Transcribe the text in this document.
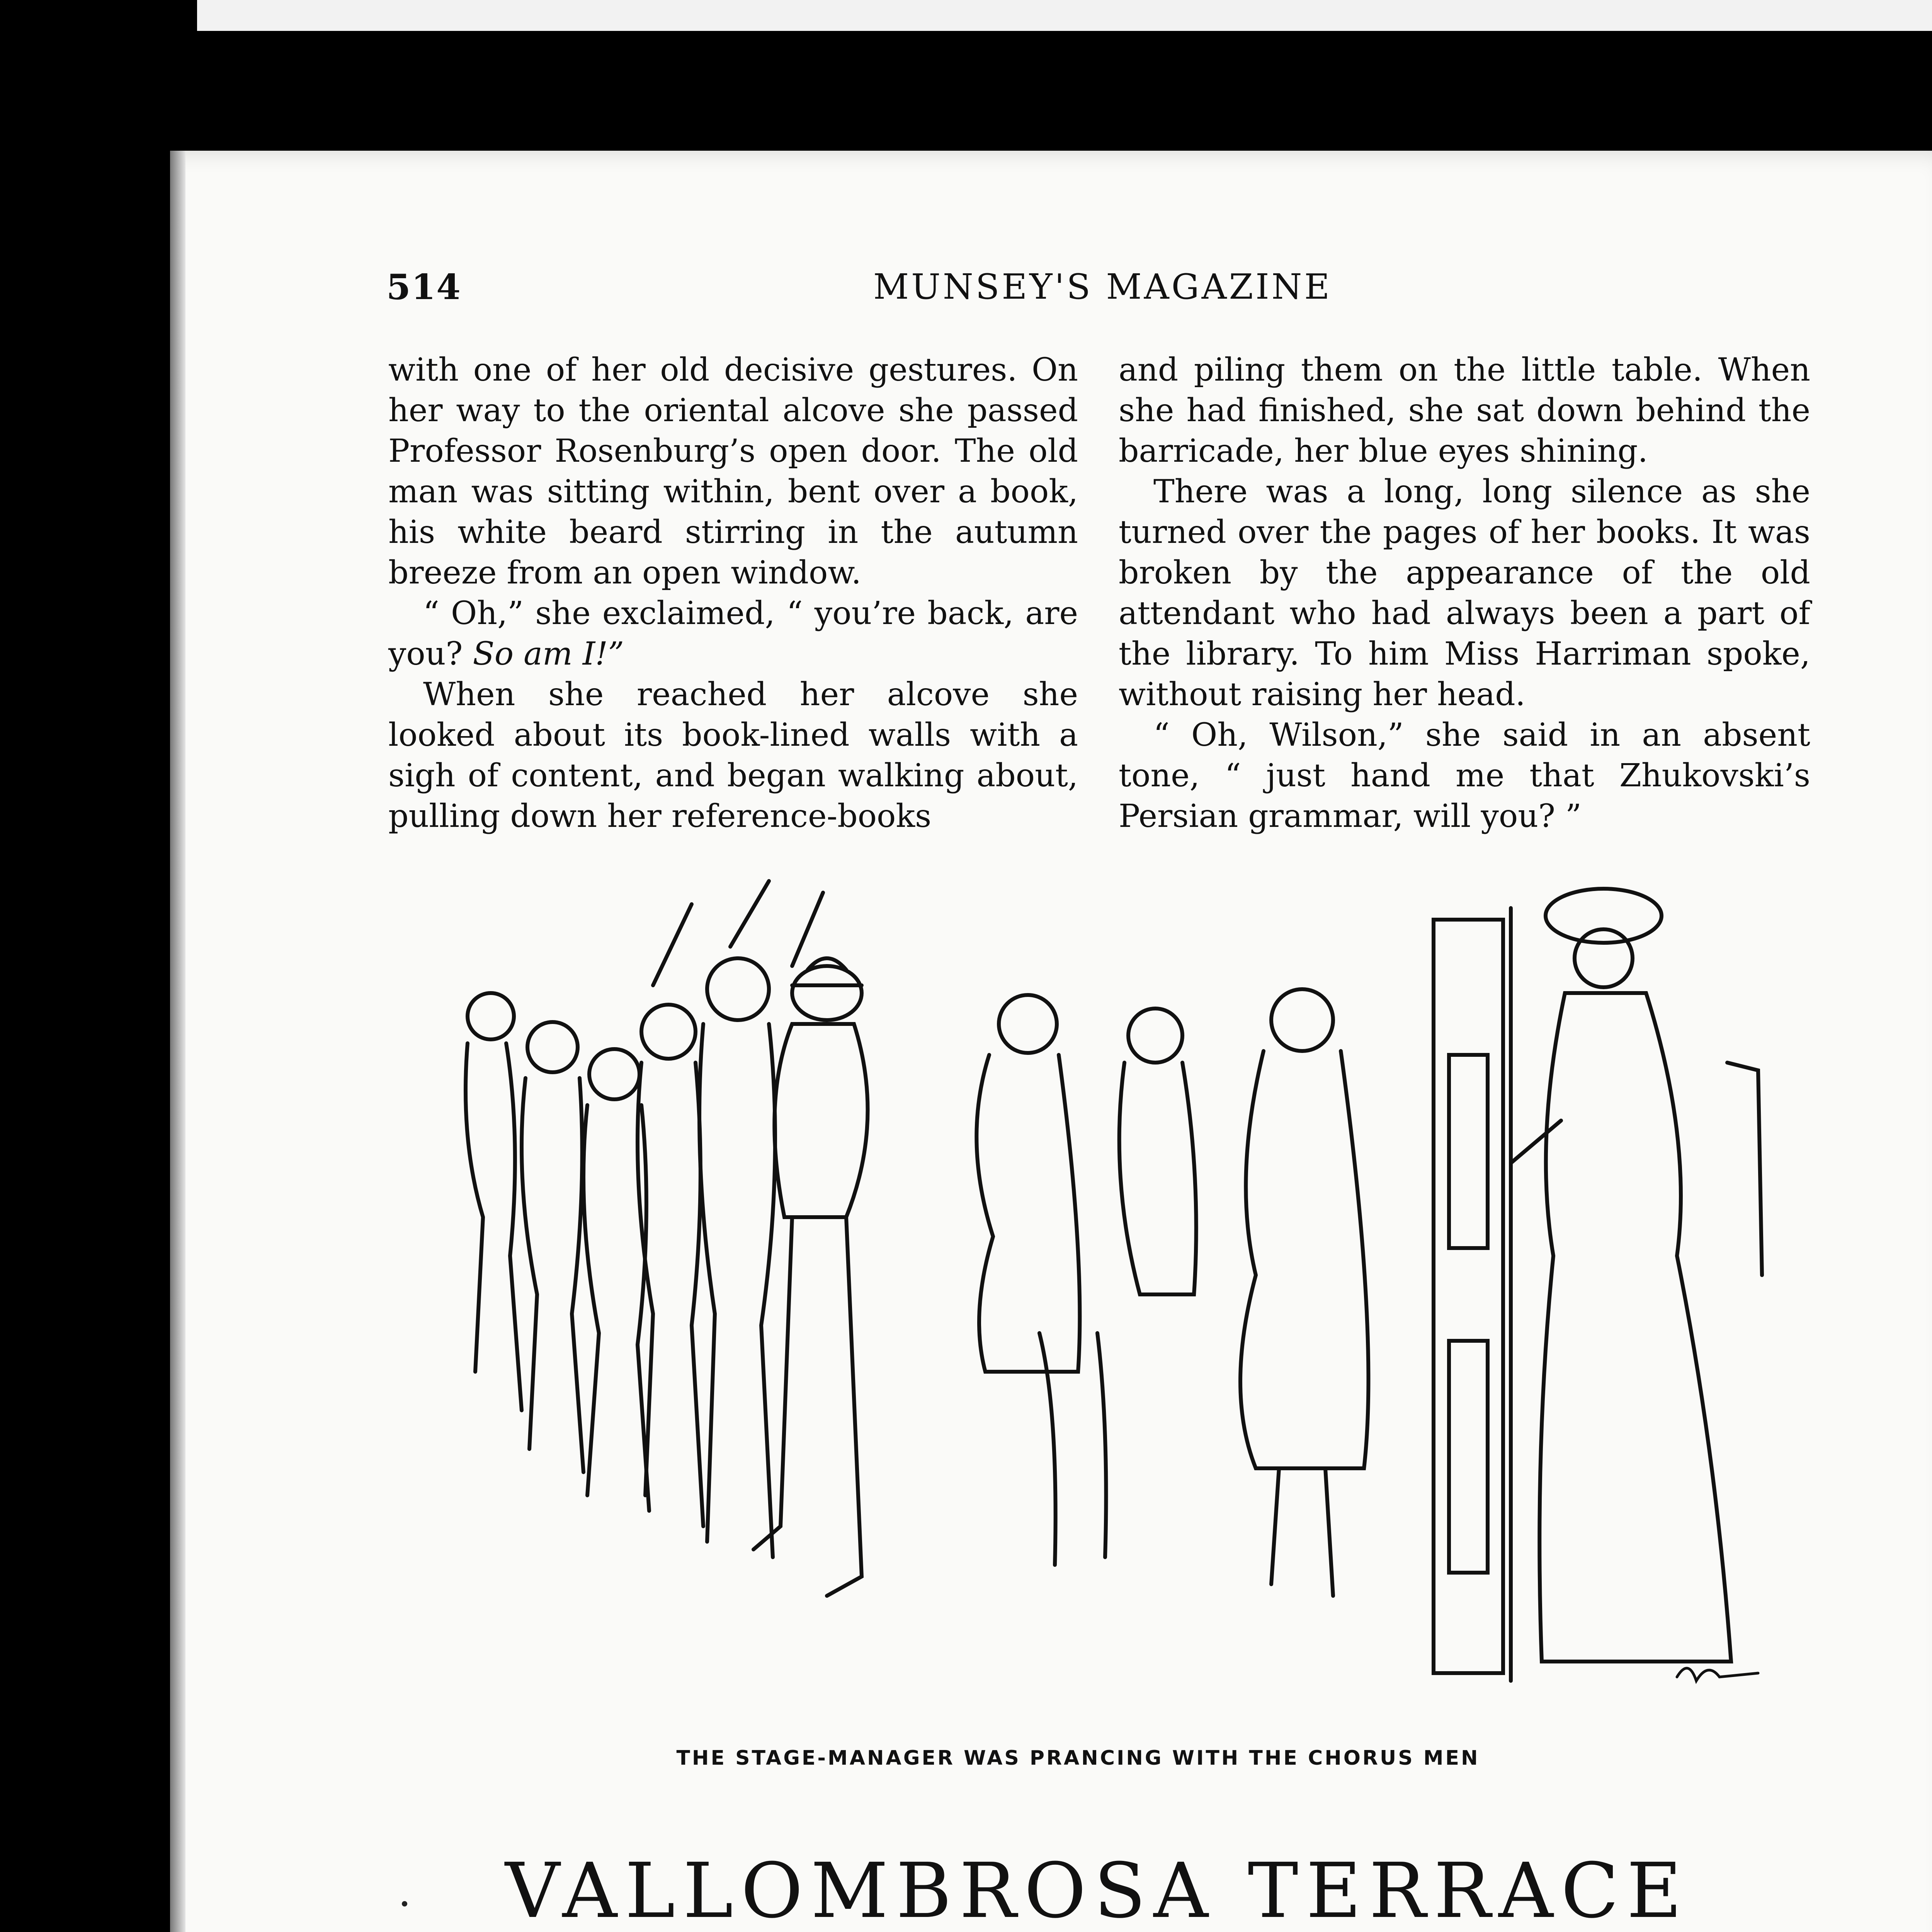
514	MUNSEY'S MAGAZINE

with one of her old decisive gestures. On her way to the oriental alcove she passed Professor Rosenburg’s open door. The old man was sitting within, bent over a book, his white beard stirring in the autumn breeze from an open window.

“ Oh,” she exclaimed, “ you’re back, are you? So am I!”

When she reached her alcove she looked about its book-lined walls with a sigh of content, and began walking about, pulling down her reference-books

and piling them on the little table. When she had finished, she sat down behind the barricade, her blue eyes shining.

There was a long, long silence as she turned over the pages of her books. It was broken by the appearance of the old attendant who had always been a part of the library. To him Miss Harriman spoke, without raising her head.

“ Oh, Wilson,” she said in an absent tone, “ just hand me that Zhukovski’s Persian grammar, will you? ”

THE STAGE-MANAGER WAS PRANCING WITH THE CHORUS MEN
VALLOMBROSA TERRACE
